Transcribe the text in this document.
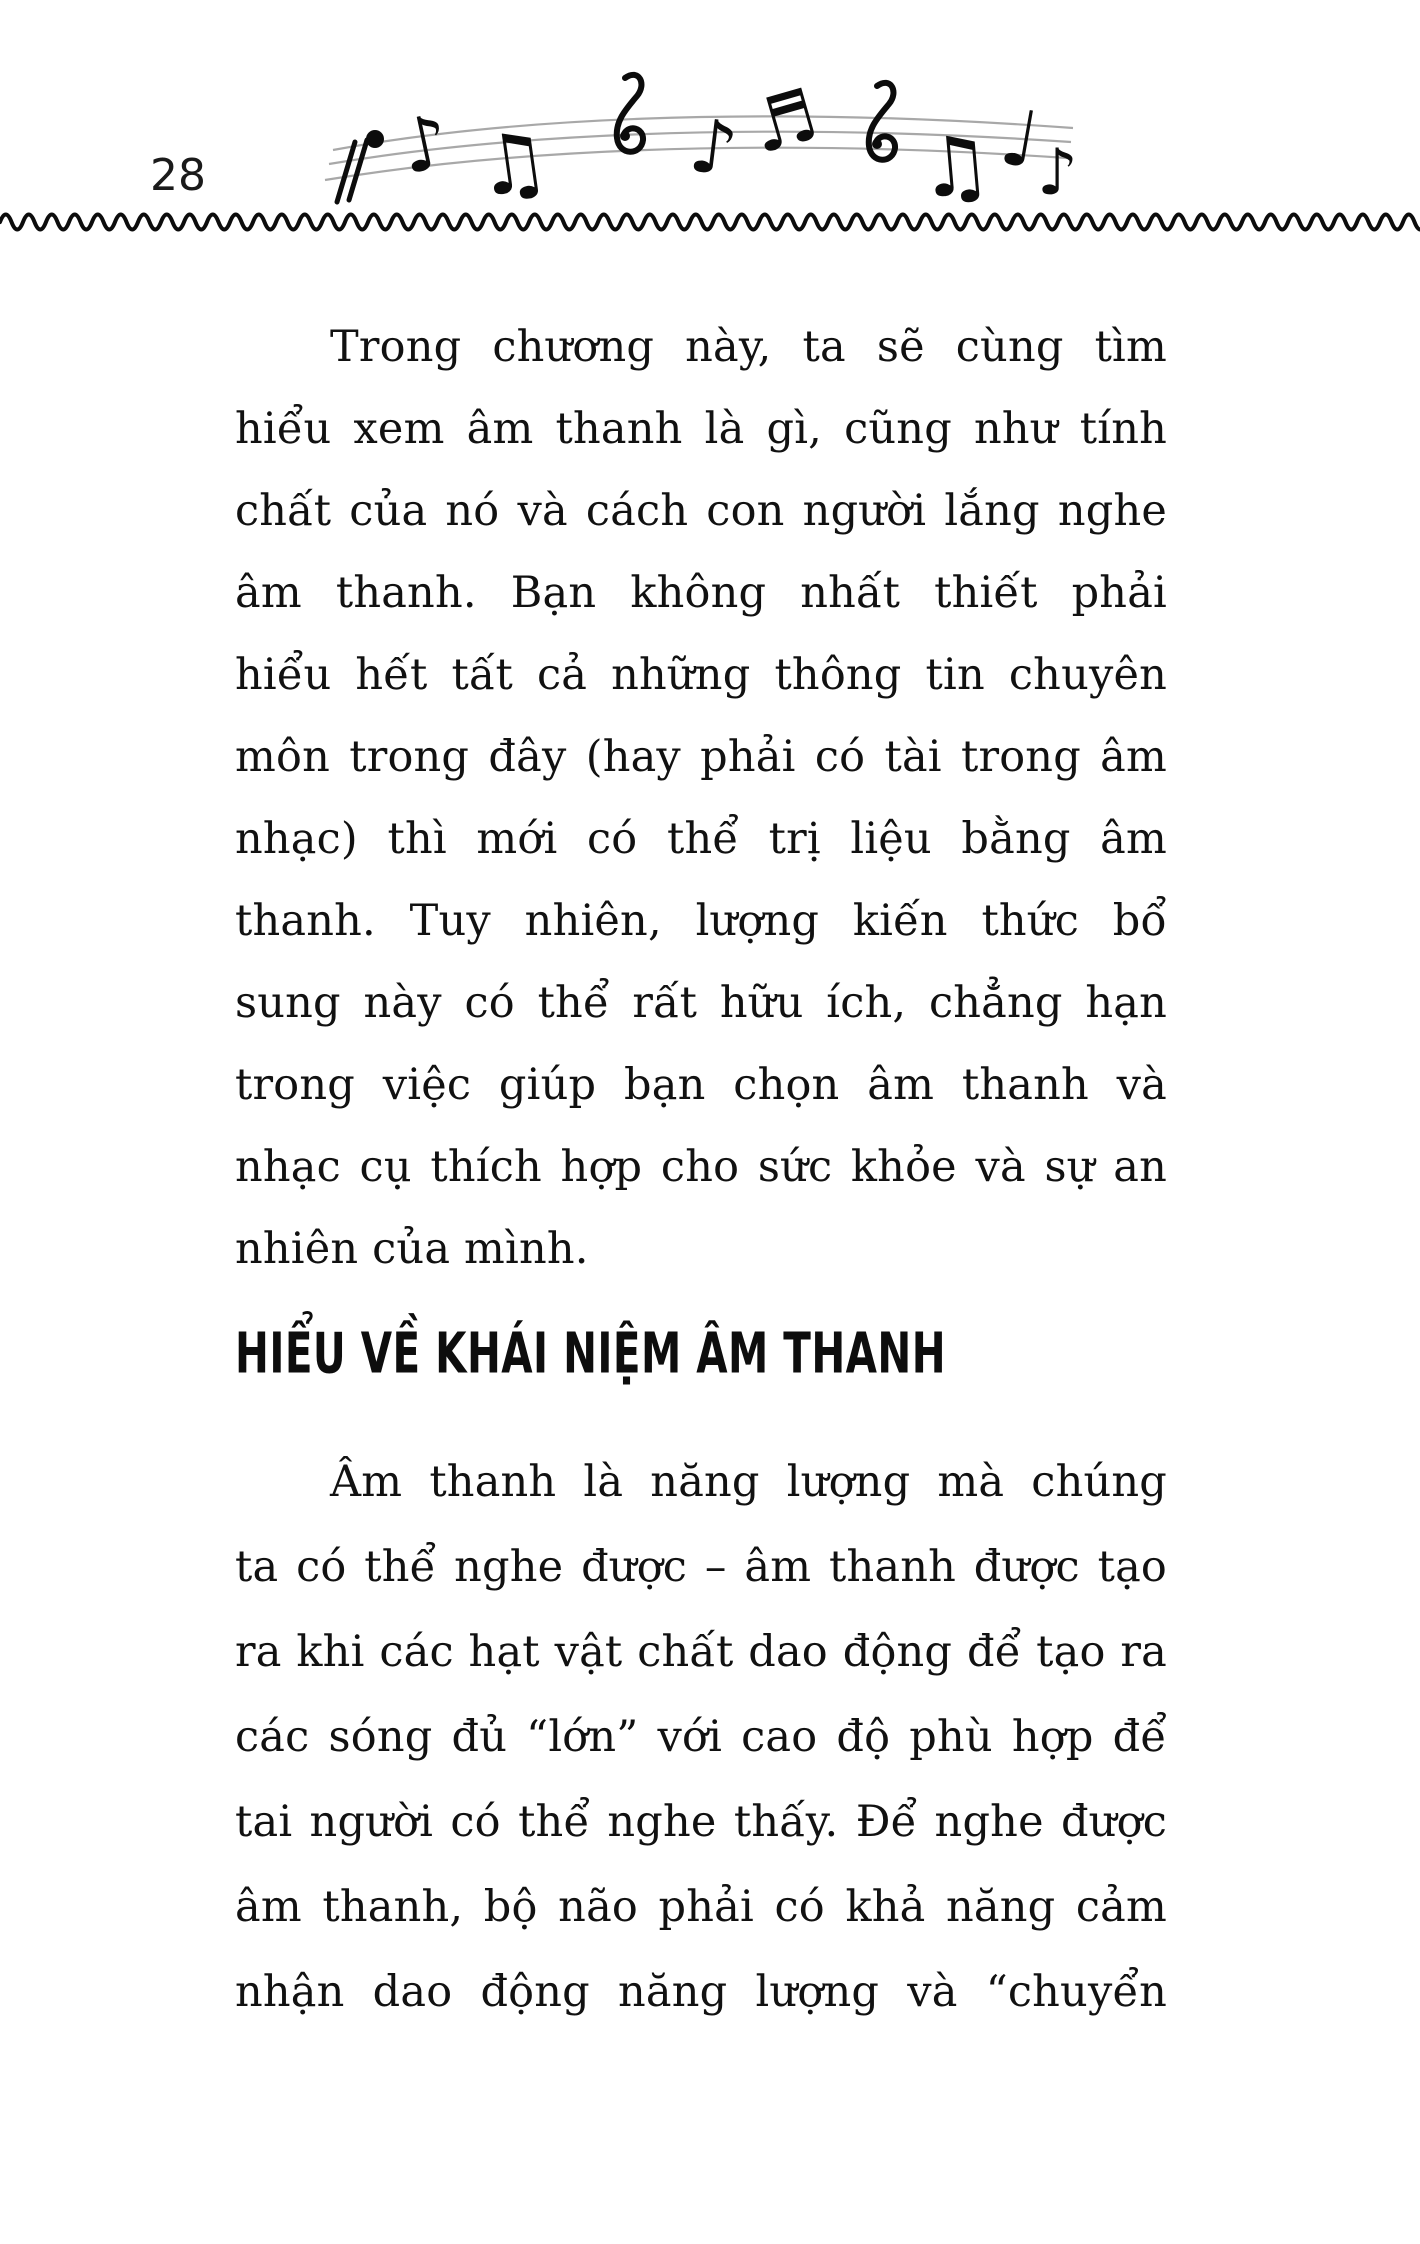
28	♪ ♫ ♪ ♬ ♫
♩
♪
Trong chương này, ta sẽ cùng tìm
hiểu xem âm thanh là gì, cũng như tính
chất của nó và cách con người lắng nghe
âm thanh. Bạn không nhất thiết phải
hiểu hết tất cả những thông tin chuyên
môn trong đây (hay phải có tài trong âm
nhạc) thì mới có thể trị liệu bằng âm
thanh. Tuy nhiên, lượng kiến thức bổ
sung này có thể rất hữu ích, chẳng hạn
trong việc giúp bạn chọn âm thanh và
nhạc cụ thích hợp cho sức khỏe và sự an
nhiên của mình.
HIỂU VỀ KHÁI NIỆM ÂM THANH
Âm thanh là năng lượng mà chúng
ta có thể nghe được – âm thanh được tạo
ra khi các hạt vật chất dao động để tạo ra
các sóng đủ “lớn” với cao độ phù hợp để
tai người có thể nghe thấy. Để nghe được
âm thanh, bộ não phải có khả năng cảm
nhận dao động năng lượng và “chuyển
